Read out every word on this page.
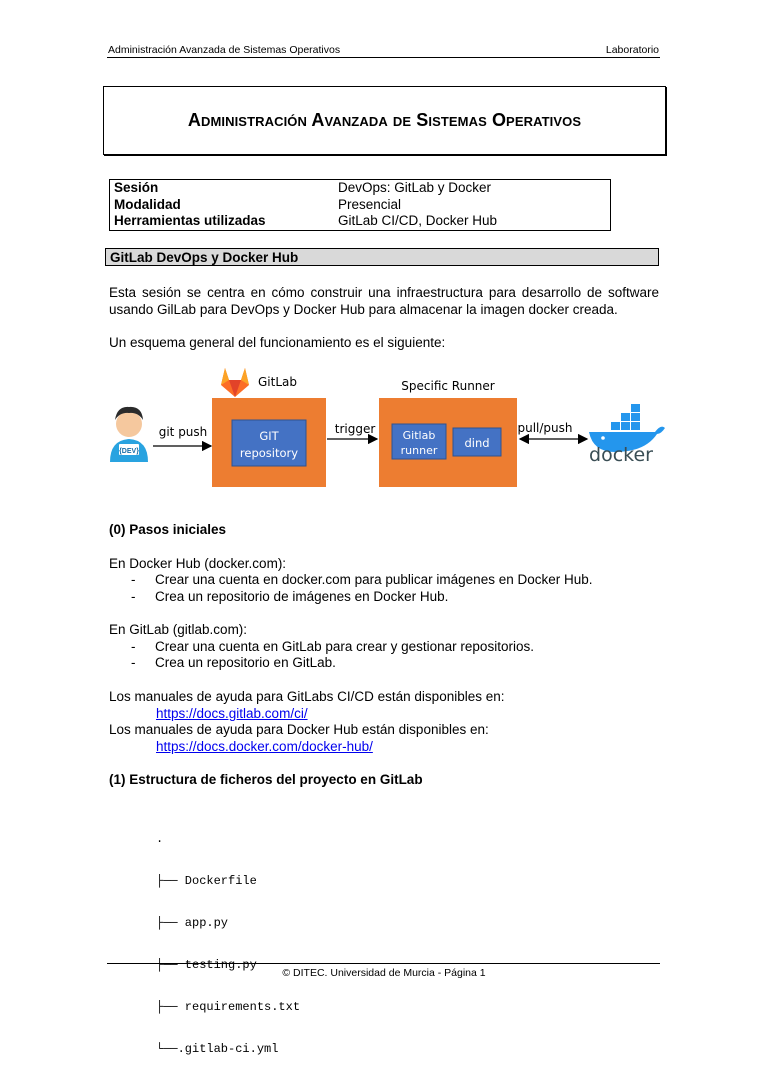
Administración Avanzada de Sistemas Operativos	Laboratorio
Administración Avanzada de Sistemas Operativos
Sesión	DevOps: GitLab y Docker
Modalidad	Presencial
Herramientas utilizadas	GitLab CI/CD, Docker Hub
GitLab DevOps y Docker Hub
Esta sesión se centra en cómo construir una infraestructura para desarrollo de software usando GilLab para DevOps y Docker Hub para almacenar la imagen docker creada.
Un esquema general del funcionamiento es el siguiente:
{DEV}
git push
GitLab
GIT
repository
trigger
Specific Runner
Gitlab
runner
dind
pull/push
docker
(0) Pasos iniciales
En Docker Hub (docker.com):
- Crear una cuenta en docker.com para publicar imágenes en Docker Hub.
- Crea un repositorio de imágenes en Docker Hub.
En GitLab (gitlab.com):
- Crear una cuenta en GitLab para crear y gestionar repositorios.
- Crea un repositorio en GitLab.
Los manuales de ayuda para GitLabs CI/CD están disponibles en:
https://docs.gitlab.com/ci/
Los manuales de ayuda para Docker Hub están disponibles en:
https://docs.docker.com/docker-hub/
(1) Estructura de ficheros del proyecto en GitLab

.

├── Dockerfile

├── app.py

├── testing.py

├── requirements.txt

└──.gitlab-ci.yml

© DITEC. Universidad de Murcia - Página 1
